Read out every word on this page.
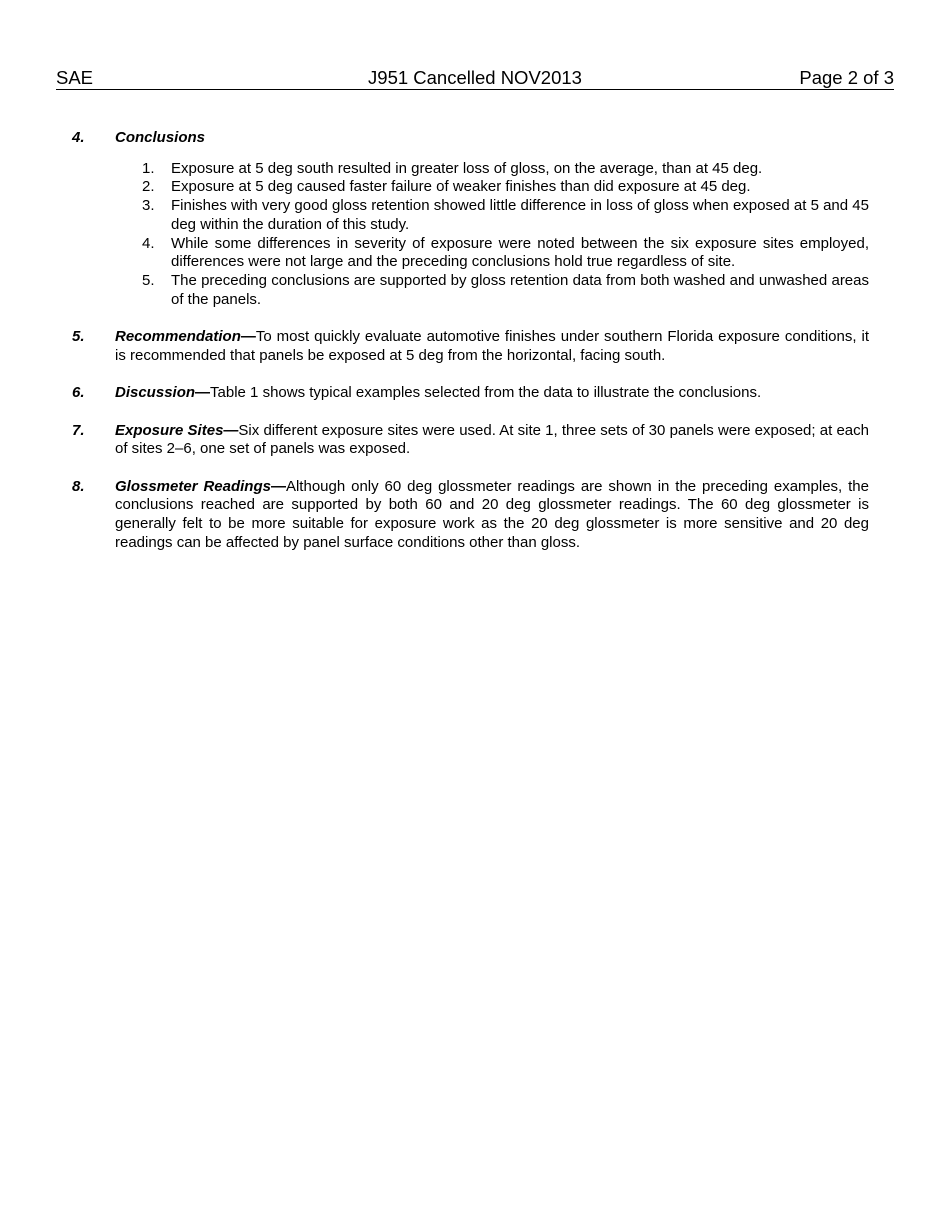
SAE	J951 Cancelled NOV2013	Page 2 of 3
4. Conclusions
1. Exposure at 5 deg south resulted in greater loss of gloss, on the average, than at 45 deg.
2. Exposure at 5 deg caused faster failure of weaker finishes than did exposure at 45 deg.
3. Finishes with very good gloss retention showed little difference in loss of gloss when exposed at 5 and 45 deg within the duration of this study.
4. While some differences in severity of exposure were noted between the six exposure sites employed, differences were not large and the preceding conclusions hold true regardless of site.
5. The preceding conclusions are supported by gloss retention data from both washed and unwashed areas of the panels.
5. Recommendation—To most quickly evaluate automotive finishes under southern Florida exposure conditions, it is recommended that panels be exposed at 5 deg from the horizontal, facing south.
6. Discussion—Table 1 shows typical examples selected from the data to illustrate the conclusions.
7. Exposure Sites—Six different exposure sites were used. At site 1, three sets of 30 panels were exposed; at each of sites 2–6, one set of panels was exposed.
8. Glossmeter Readings—Although only 60 deg glossmeter readings are shown in the preceding examples, the conclusions reached are supported by both 60 and 20 deg glossmeter readings. The 60 deg glossmeter is generally felt to be more suitable for exposure work as the 20 deg glossmeter is more sensitive and 20 deg readings can be affected by panel surface conditions other than gloss.
